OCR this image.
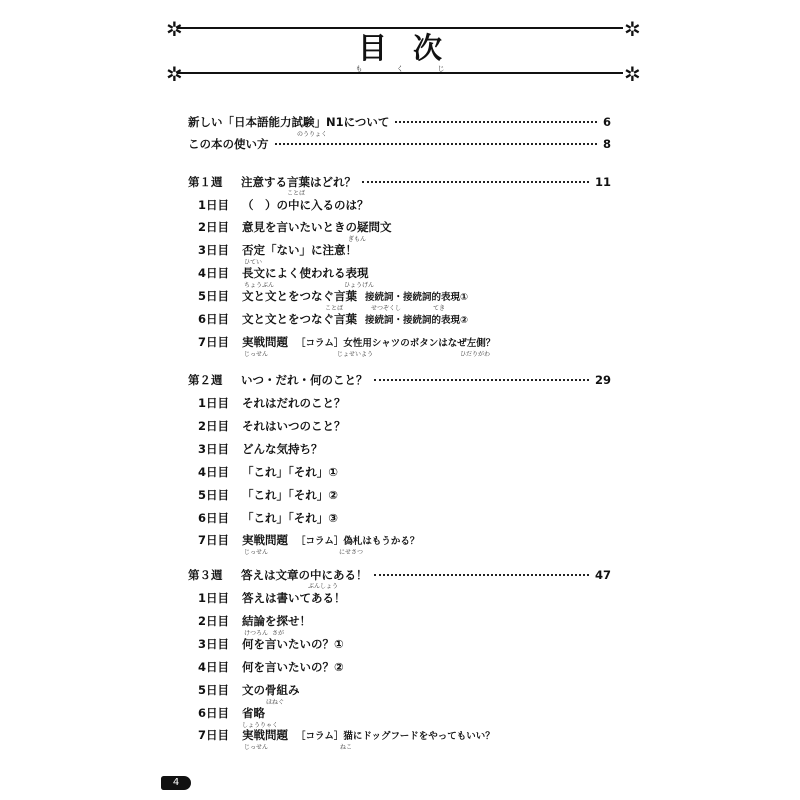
✲	✲
✲	✲
目次
もくじ
新しい「日本語能力試験」N1について	6
のうりょく
この本の使い方	8
第１週	注意する言葉はどれ？	11
ことば
1日目 （　）の中に入るのは？
2日目 意見を言いたいときの疑問文
ぎもん
3日目 否定「ない」に注意！
ひてい
4日目 長文によく使われる表現
ちょうぶん	ひょうげん
5日目 文と文とをつなぐ言葉 接続詞・接続詞的表現①
ことば	せつぞくし	てき
6日目 文と文とをつなぐ言葉 接続詞・接続詞的表現②
7日目 実戦問題 ［コラム］女性用シャツのボタンはなぜ左側？
じっせん	じょせいよう	ひだりがわ
第２週	いつ・だれ・何のこと？	29
1日目 それはだれのこと？
2日目 それはいつのこと？
3日目 どんな気持ち？
4日目 「これ」「それ」①
5日目 「これ」「それ」②
6日目 「これ」「それ」③
7日目 実戦問題 ［コラム］偽札はもうかる？
じっせん	にせさつ
第３週	答えは文章の中にある！	47
ぶんしょう
1日目 答えは書いてある！
2日目 結論を探せ！
けつろん さが
3日目 何を言いたいの？①
4日目 何を言いたいの？②
5日目 文の骨組み
ほねぐ
6日目 省略
しょうりゃく
7日目 実戦問題 ［コラム］猫にドッグフードをやってもいい？
じっせん	ねこ
4
